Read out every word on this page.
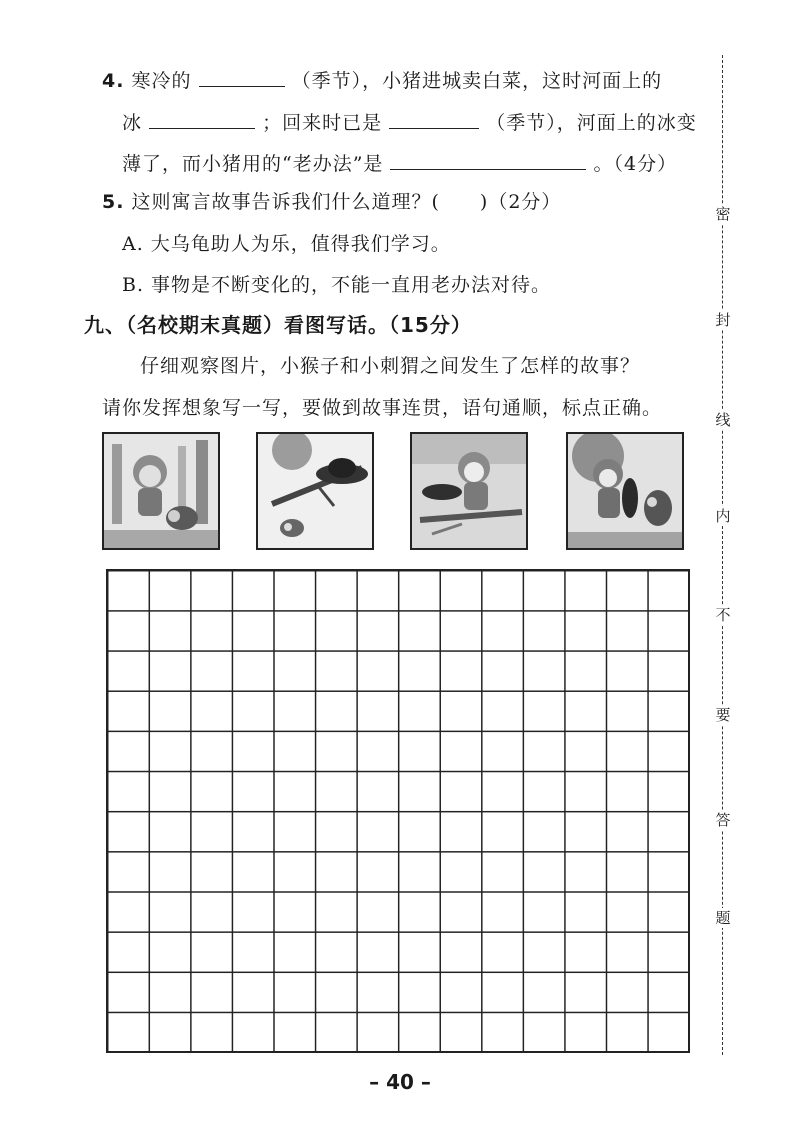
4. 寒冷的	（季节），小猪进城卖白菜，这时河面上的
冰	；回来时已是	（季节），河面上的冰变
薄了，而小猪用的“老办法”是	。（4分）
5. 这则寓言故事告诉我们什么道理？(　　)（2分）
A. 大乌龟助人为乐，值得我们学习。
B. 事物是不断变化的，不能一直用老办法对待。
九、（名校期末真题）看图写话。（15分）
仔细观察图片，小猴子和小刺猬之间发生了怎样的故事？
请你发挥想象写一写，要做到故事连贯，语句通顺，标点正确。
密
封
线
内
不
要
答
题
– 40 –
